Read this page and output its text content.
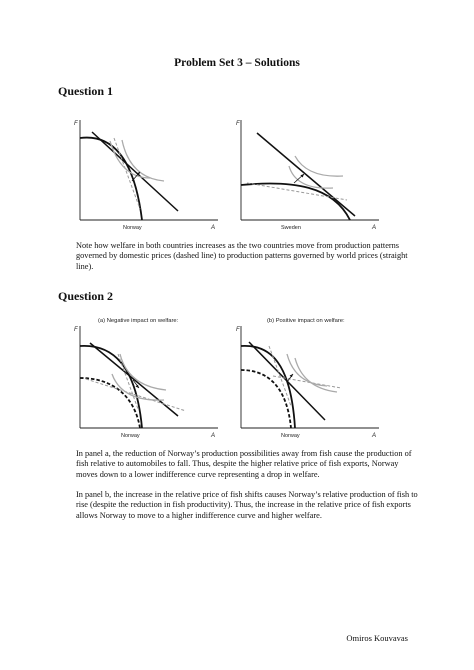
Problem Set 3 – Solutions
Question 1
F
A
Norway
F
A
Sweden
Note how welfare in both countries increases as the two countries move from production patterns governed by domestic prices (dashed line) to production patterns governed by world prices (straight line).
Question 2
(a) Negative impact on welfare:
F
A
Norway
(b) Positive impact on welfare:
F
A
Norway
In panel a, the reduction of Norway’s production possibilities away from fish cause the production of fish relative to automobiles to fall. Thus, despite the higher relative price of fish exports, Norway moves down to a lower indifference curve representing a drop in welfare.
In panel b, the increase in the relative price of fish shifts causes Norway’s relative production of fish to rise (despite the reduction in fish productivity). Thus, the increase in the relative price of fish exports allows Norway to move to a higher indifference curve and higher welfare.
Omiros Kouvavas
